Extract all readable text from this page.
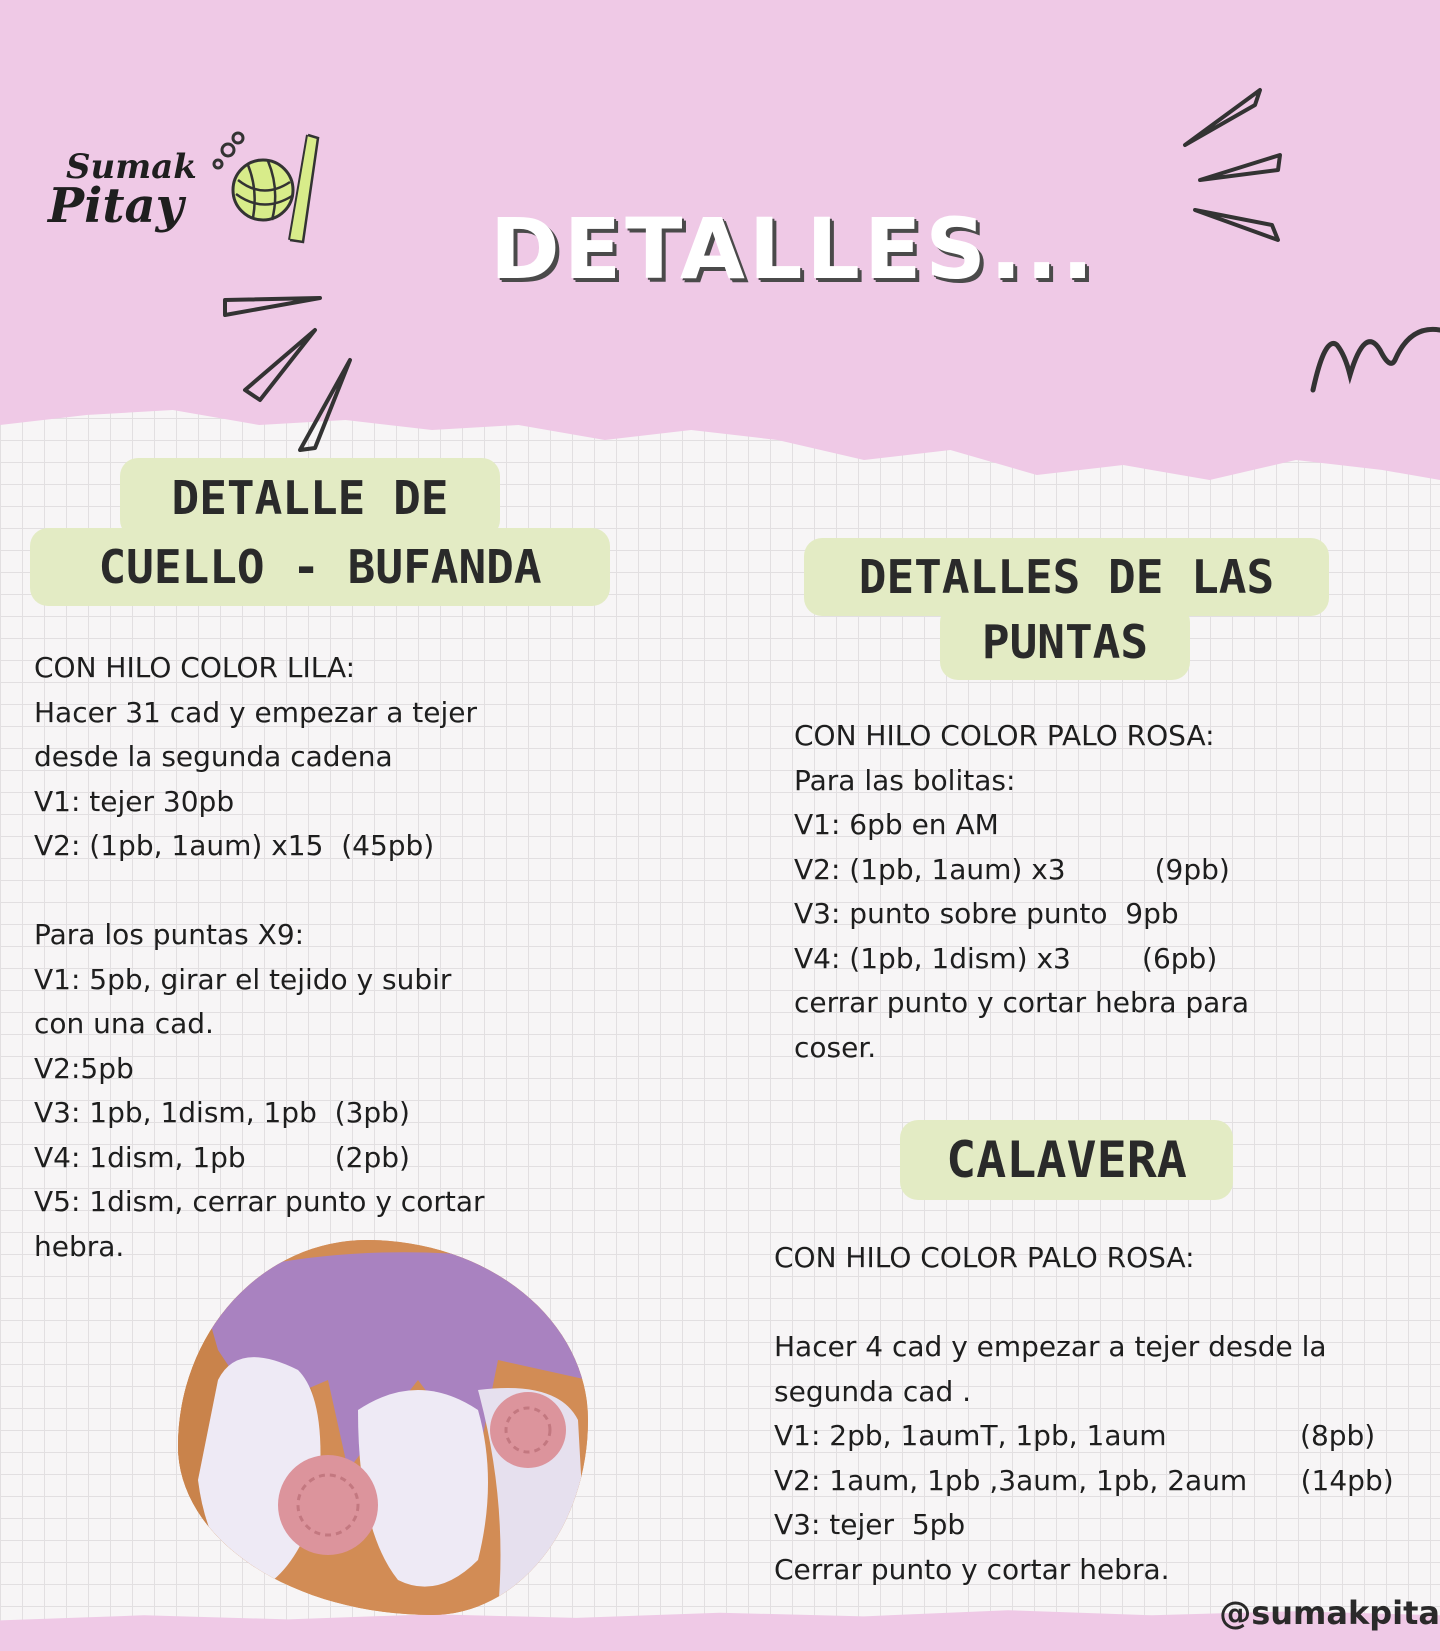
Sumak
Pitay	DETALLES...
DETALLE DE
CUELLO - BUFANDA
CON HILO COLOR LILA:
Hacer 31 cad y empezar a tejer
desde la segunda cadena
V1: tejer 30pb
V2: (1pb, 1aum) x15  (45pb)
Para los puntas X9:
V1: 5pb, girar el tejido y subir
con una cad.
V2:5pb
V3: 1pb, 1dism, 1pb  (3pb)
V4: 1dism, 1pb          (2pb)
V5: 1dism, cerrar punto y cortar
hebra.
DETALLES DE LAS
PUNTAS
CON HILO COLOR PALO ROSA:
Para las bolitas:
V1: 6pb en AM
V2: (1pb, 1aum) x3          (9pb)
V3: punto sobre punto  9pb
V4: (1pb, 1dism) x3        (6pb)
cerrar punto y cortar hebra para
coser.
CALAVERA
CON HILO COLOR PALO ROSA:
Hacer 4 cad y empezar a tejer desde la
segunda cad .
V1: 2pb, 1aumT, 1pb, 1aum               (8pb)
V2: 1aum, 1pb ,3aum, 1pb, 2aum      (14pb)
V3: tejer  5pb
Cerrar punto y cortar hebra.
@sumakpita
